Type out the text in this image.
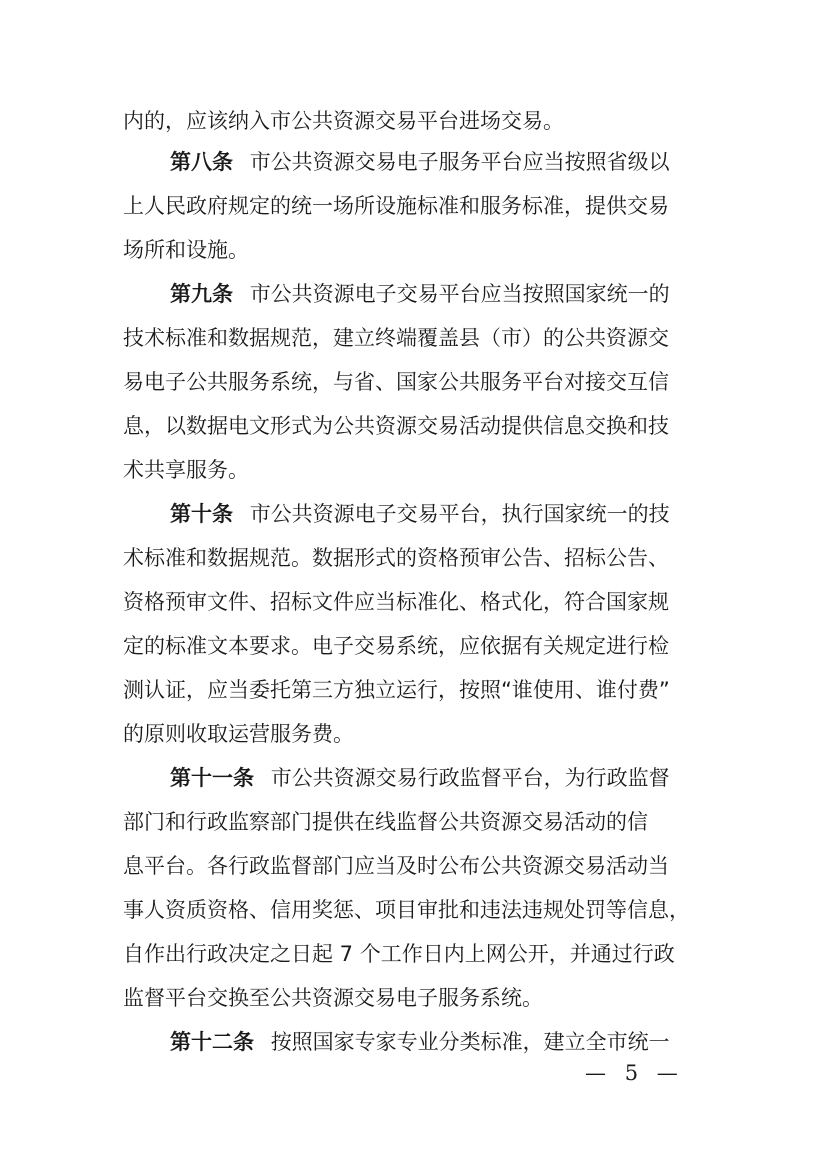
内的，应该纳入市公共资源交易平台进场交易。

第八条 市公共资源交易电子服务平台应当按照省级以

上人民政府规定的统一场所设施标准和服务标准，提供交易

场所和设施。

第九条 市公共资源电子交易平台应当按照国家统一的

技术标准和数据规范，建立终端覆盖县（市）的公共资源交

易电子公共服务系统，与省、国家公共服务平台对接交互信

息，以数据电文形式为公共资源交易活动提供信息交换和技

术共享服务。

第十条 市公共资源电子交易平台，执行国家统一的技

术标准和数据规范。数据形式的资格预审公告、招标公告、

资格预审文件、招标文件应当标准化、格式化，符合国家规

定的标准文本要求。电子交易系统，应依据有关规定进行检

测认证，应当委托第三方独立运行，按照“谁使用、谁付费”

的原则收取运营服务费。

第十一条 市公共资源交易行政监督平台，为行政监督

部门和行政监察部门提供在线监督公共资源交易活动的信

息平台。各行政监督部门应当及时公布公共资源交易活动当

事人资质资格、信用奖惩、项目审批和违法违规处罚等信息，

自作出行政决定之日起 7 个工作日内上网公开，并通过行政

监督平台交换至公共资源交易电子服务系统。

第十二条 按照国家专家专业分类标准，建立全市统一

— 5 —
